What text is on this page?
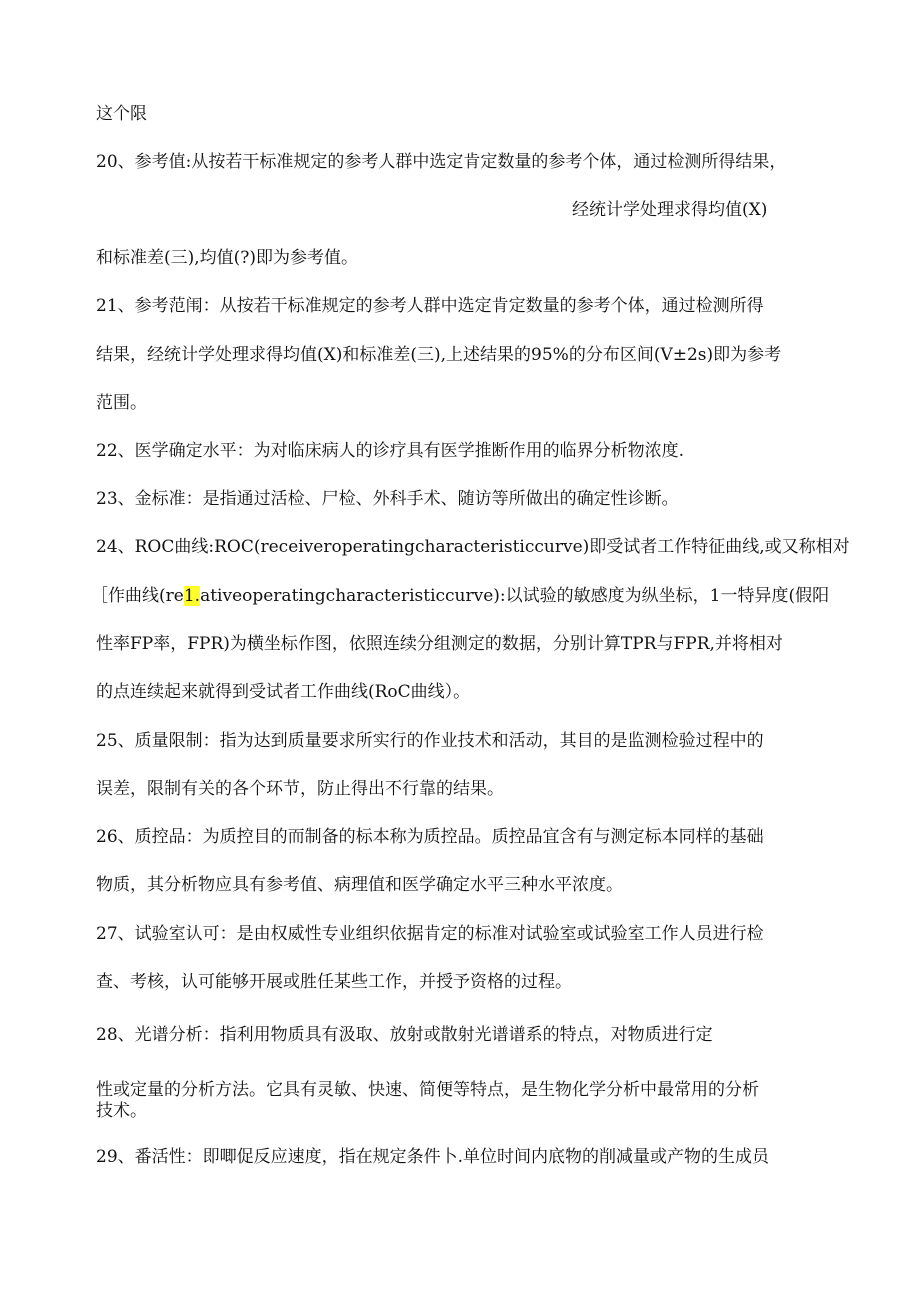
这个限

20、参考值:从按若干标准规定的参考人群中选定肯定数量的参考个体，通过检测所得结果，

经统计学处理求得均值(X)

和标准差(三),均值(?)即为参考值。

21、参考范闱：从按若干标准规定的参考人群中选定肯定数量的参考个体，通过检测所得

结果，经统计学处理求得均值(X)和标准差(三),上述结果的95%的分布区间(V±2s)即为参考

范围。

22、医学确定水平：为对临床病人的诊疗具有医学推断作用的临界分析物浓度.

23、金标准：是指通过活检、尸检、外科手术、随访等所做出的确定性诊断。

24、ROC曲线:ROC(receiveroperatingcharacteristiccurve)即受试者工作特征曲线,或又称相对

［作曲线(re1.ativeoperatingcharacteristiccurve):以试验的敏感度为纵坐标，1一特异度(假阳

性率FP率，FPR)为横坐标作图，依照连续分组测定的数据，分别计算TPR与FPR,并将相对

的点连续起来就得到受试者工作曲线(RoC曲线）。

25、质量限制：指为达到质量要求所实行的作业技术和活动，其目的是监测检验过程中的

误差，限制有关的各个环节，防止得出不行靠的结果。

26、质控品：为质控目的而制备的标本称为质控品。质控品宜含有与测定标本同样的基础

物质，其分析物应具有参考值、病理值和医学确定水平三种水平浓度。

27、试验室认可：是由权威性专业组织依据肯定的标准对试验室或试验室工作人员进行检

查、考核，认可能够开展或胜任某些工作，并授予资格的过程。

28、光谱分析：指利用物质具有汲取、放射或散射光谱谱系的特点，对物质进行定

性或定量的分析方法。它具有灵敏、快速、简便等特点，是生物化学分析中最常用的分析

技术。

29、番活性：即唧促反应速度，指在规定条件卜.单位时间内底物的削减量或产物的生成员
